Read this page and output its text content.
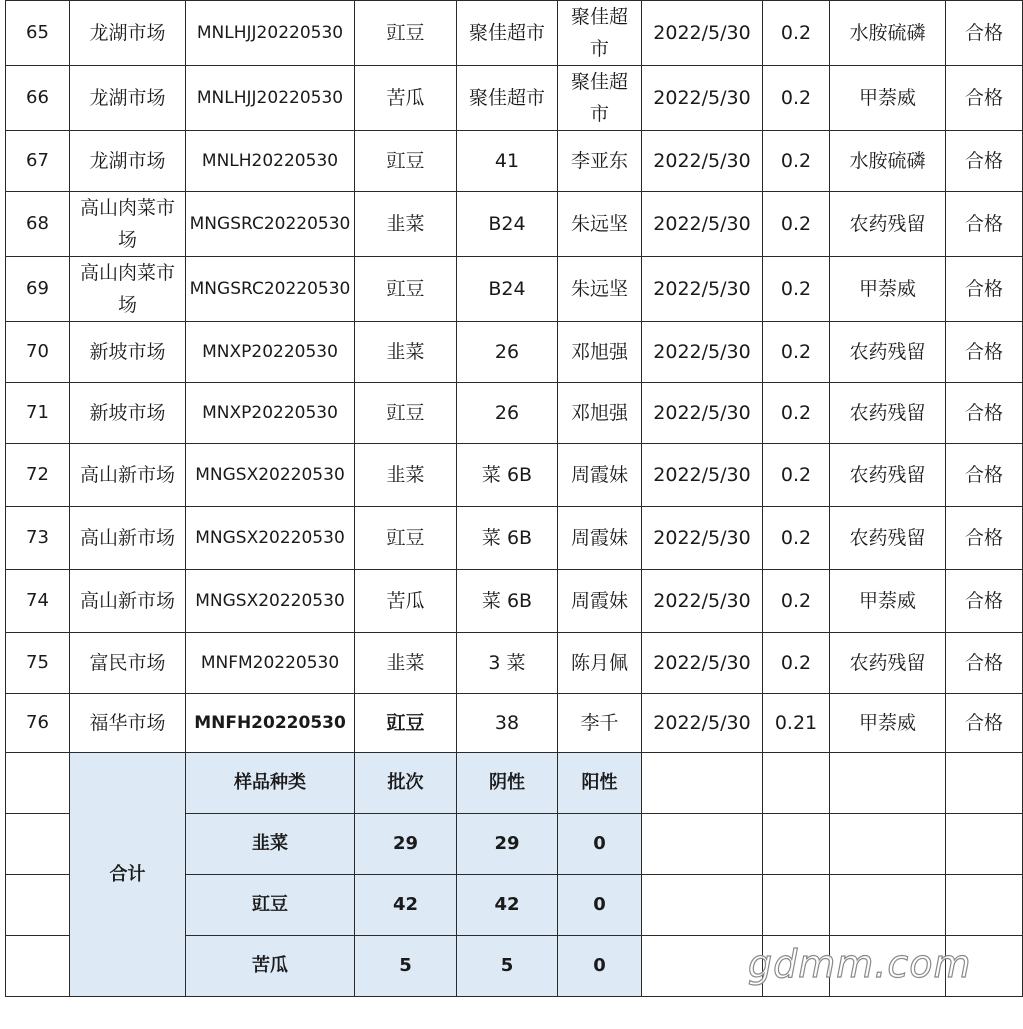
65	龙湖市场	MNLHJJ20220530	豇豆	聚佳超市	聚佳超市	2022/5/30	0.2	水胺硫磷	合格
66	龙湖市场	MNLHJJ20220530	苦瓜	聚佳超市	聚佳超市	2022/5/30	0.2	甲萘威	合格
67	龙湖市场	MNLH20220530	豇豆	41	李亚东	2022/5/30	0.2	水胺硫磷	合格
68	高山肉菜市场	MNGSRC20220530	韭菜	B24	朱远坚	2022/5/30	0.2	农药残留	合格
69	高山肉菜市场	MNGSRC20220530	豇豆	B24	朱远坚	2022/5/30	0.2	甲萘威	合格
70	新坡市场	MNXP20220530	韭菜	26	邓旭强	2022/5/30	0.2	农药残留	合格
71	新坡市场	MNXP20220530	豇豆	26	邓旭强	2022/5/30	0.2	农药残留	合格
72	高山新市场	MNGSX20220530	韭菜	菜 6B	周霞妹	2022/5/30	0.2	农药残留	合格
73	高山新市场	MNGSX20220530	豇豆	菜 6B	周霞妹	2022/5/30	0.2	农药残留	合格
74	高山新市场	MNGSX20220530	苦瓜	菜 6B	周霞妹	2022/5/30	0.2	甲萘威	合格
75	富民市场	MNFM20220530	韭菜	3 菜	陈月佩	2022/5/30	0.2	农药残留	合格
76	福华市场	MNFH20220530	豇豆	38	李千	2022/5/30	0.21	甲萘威	合格
	合计	样品种类	批次	阴性	阳性				
		韭菜	29	29	0				
		豇豆	42	42	0				
		苦瓜	5	5	0					gdmm.com
